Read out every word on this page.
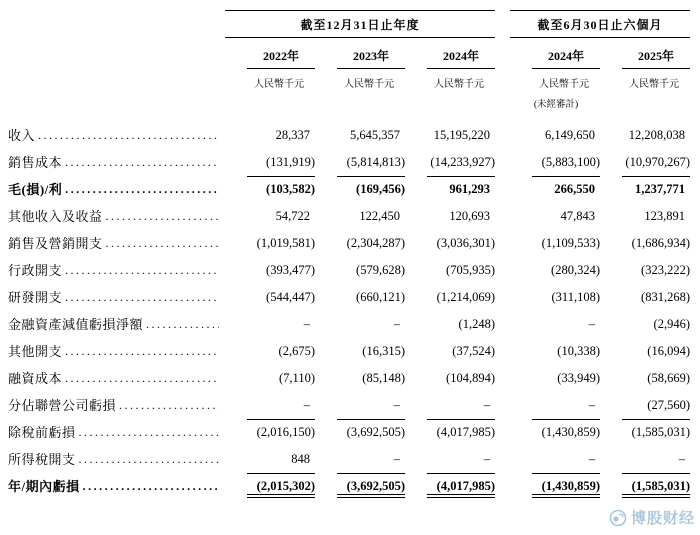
截至12月31日止年度	截至6月30日止六個月
2022年	2023年	2024年	2024年	2025年
人民幣千元	人民幣千元	人民幣千元	人民幣千元	人民幣千元
(未經審計)
收入 .....	28,337	5,645,357	15,195,220	6,149,650	12,208,038
銷售成本 .....	(131,919)	(5,814,813)	(14,233,927)	(5,883,100)	(10,970,267)
毛(損)/利 .....	(103,582)	(169,456)	961,293	266,550	1,237,771
其他收入及收益 .....	54,722	122,450	120,693	47,843	123,891
銷售及營銷開支 .....	(1,019,581)	(2,304,287)	(3,036,301)	(1,109,533)	(1,686,934)
行政開支 .....	(393,477)	(579,628)	(705,935)	(280,324)	(323,222)
研發開支 .....	(544,447)	(660,121)	(1,214,069)	(311,108)	(831,268)
金融資產減值虧損淨額 .....	–	–	(1,248)	–	(2,946)
其他開支 .....	(2,675)	(16,315)	(37,524)	(10,338)	(16,094)
融資成本 .....	(7,110)	(85,148)	(104,894)	(33,949)	(58,669)
分佔聯營公司虧損 .....	–	–	–	–	(27,560)
除稅前虧損 .....	(2,016,150)	(3,692,505)	(4,017,985)	(1,430,859)	(1,585,031)
所得稅開支 .....	848	–	–	–	–
年/期內虧損 .....	(2,015,302)	(3,692,505)	(4,017,985)	(1,430,859)	(1,585,031)
博股财经
